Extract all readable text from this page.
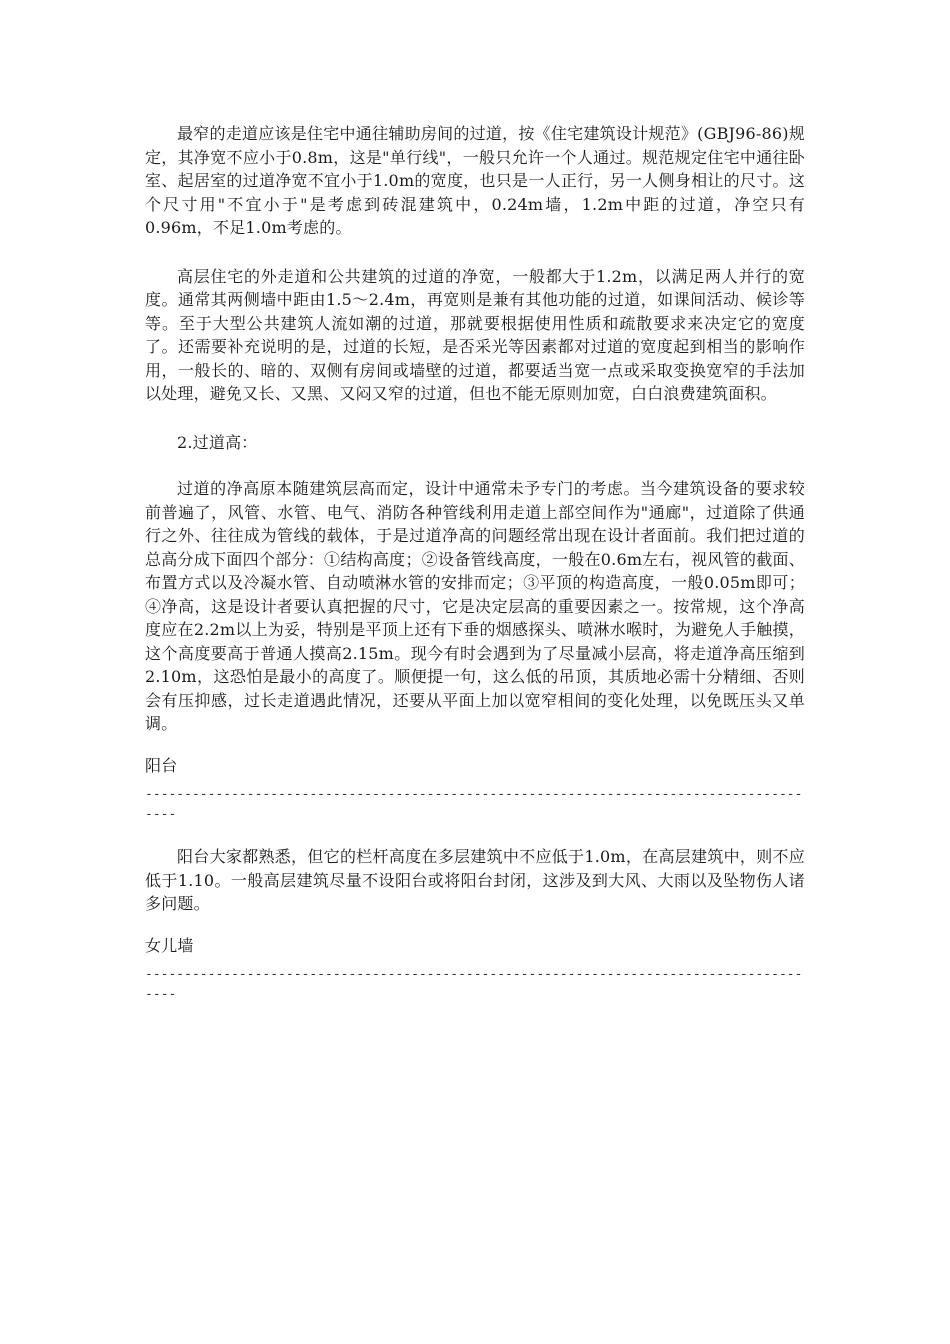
最窄的走道应该是住宅中通往辅助房间的过道，按《住宅建筑设计规范》(GBJ96-86)规定，其净宽不应小于0.8m，这是"单行线"，一般只允许一个人通过。规范规定住宅中通往卧室、起居室的过道净宽不宜小于1.0m的宽度，也只是一人正行，另一人侧身相让的尺寸。这个尺寸用"不宜小于"是考虑到砖混建筑中，0.24m墙，1.2m中距的过道，净空只有0.96m，不足1.0m考虑的。

高层住宅的外走道和公共建筑的过道的净宽，一般都大于1.2m，以满足两人并行的宽度。通常其两侧墙中距由1.5～2.4m，再宽则是兼有其他功能的过道，如课间活动、候诊等等。至于大型公共建筑人流如潮的过道，那就要根据使用性质和疏散要求来决定它的宽度了。还需要补充说明的是，过道的长短，是否采光等因素都对过道的宽度起到相当的影响作用，一般长的、暗的、双侧有房间或墙壁的过道，都要适当宽一点或采取变换宽窄的手法加以处理，避免又长、又黑、又闷又窄的过道，但也不能无原则加宽，白白浪费建筑面积。

2.过道高：

过道的净高原本随建筑层高而定，设计中通常未予专门的考虑。当今建筑设备的要求较前普遍了，风管、水管、电气、消防各种管线利用走道上部空间作为"通廊"，过道除了供通行之外、往往成为管线的载体，于是过道净高的问题经常出现在设计者面前。我们把过道的总高分成下面四个部分：①结构高度；②设备管线高度，一般在0.6m左右，视风管的截面、布置方式以及冷凝水管、自动喷淋水管的安排而定；③平顶的构造高度，一般0.05m即可；④净高，这是设计者要认真把握的尺寸，它是决定层高的重要因素之一。按常规，这个净高度应在2.2m以上为妥，特别是平顶上还有下垂的烟感探头、喷淋水喉时，为避免人手触摸，这个高度要高于普通人摸高2.15m。现今有时会遇到为了尽量减小层高，将走道净高压缩到2.10m，这恐怕是最小的高度了。顺便提一句，这么低的吊顶，其质地必需十分精细、否则会有压抑感，过长走道遇此情况，还要从平面上加以宽窄相间的变化处理，以免既压头又单调。

阳台

----------------------------------------------------------------------------------------

阳台大家都熟悉，但它的栏杆高度在多层建筑中不应低于1.0m，在高层建筑中，则不应低于1.10。一般高层建筑尽量不设阳台或将阳台封闭，这涉及到大风、大雨以及坠物伤人诸多问题。

女儿墙

----------------------------------------------------------------------------------------
